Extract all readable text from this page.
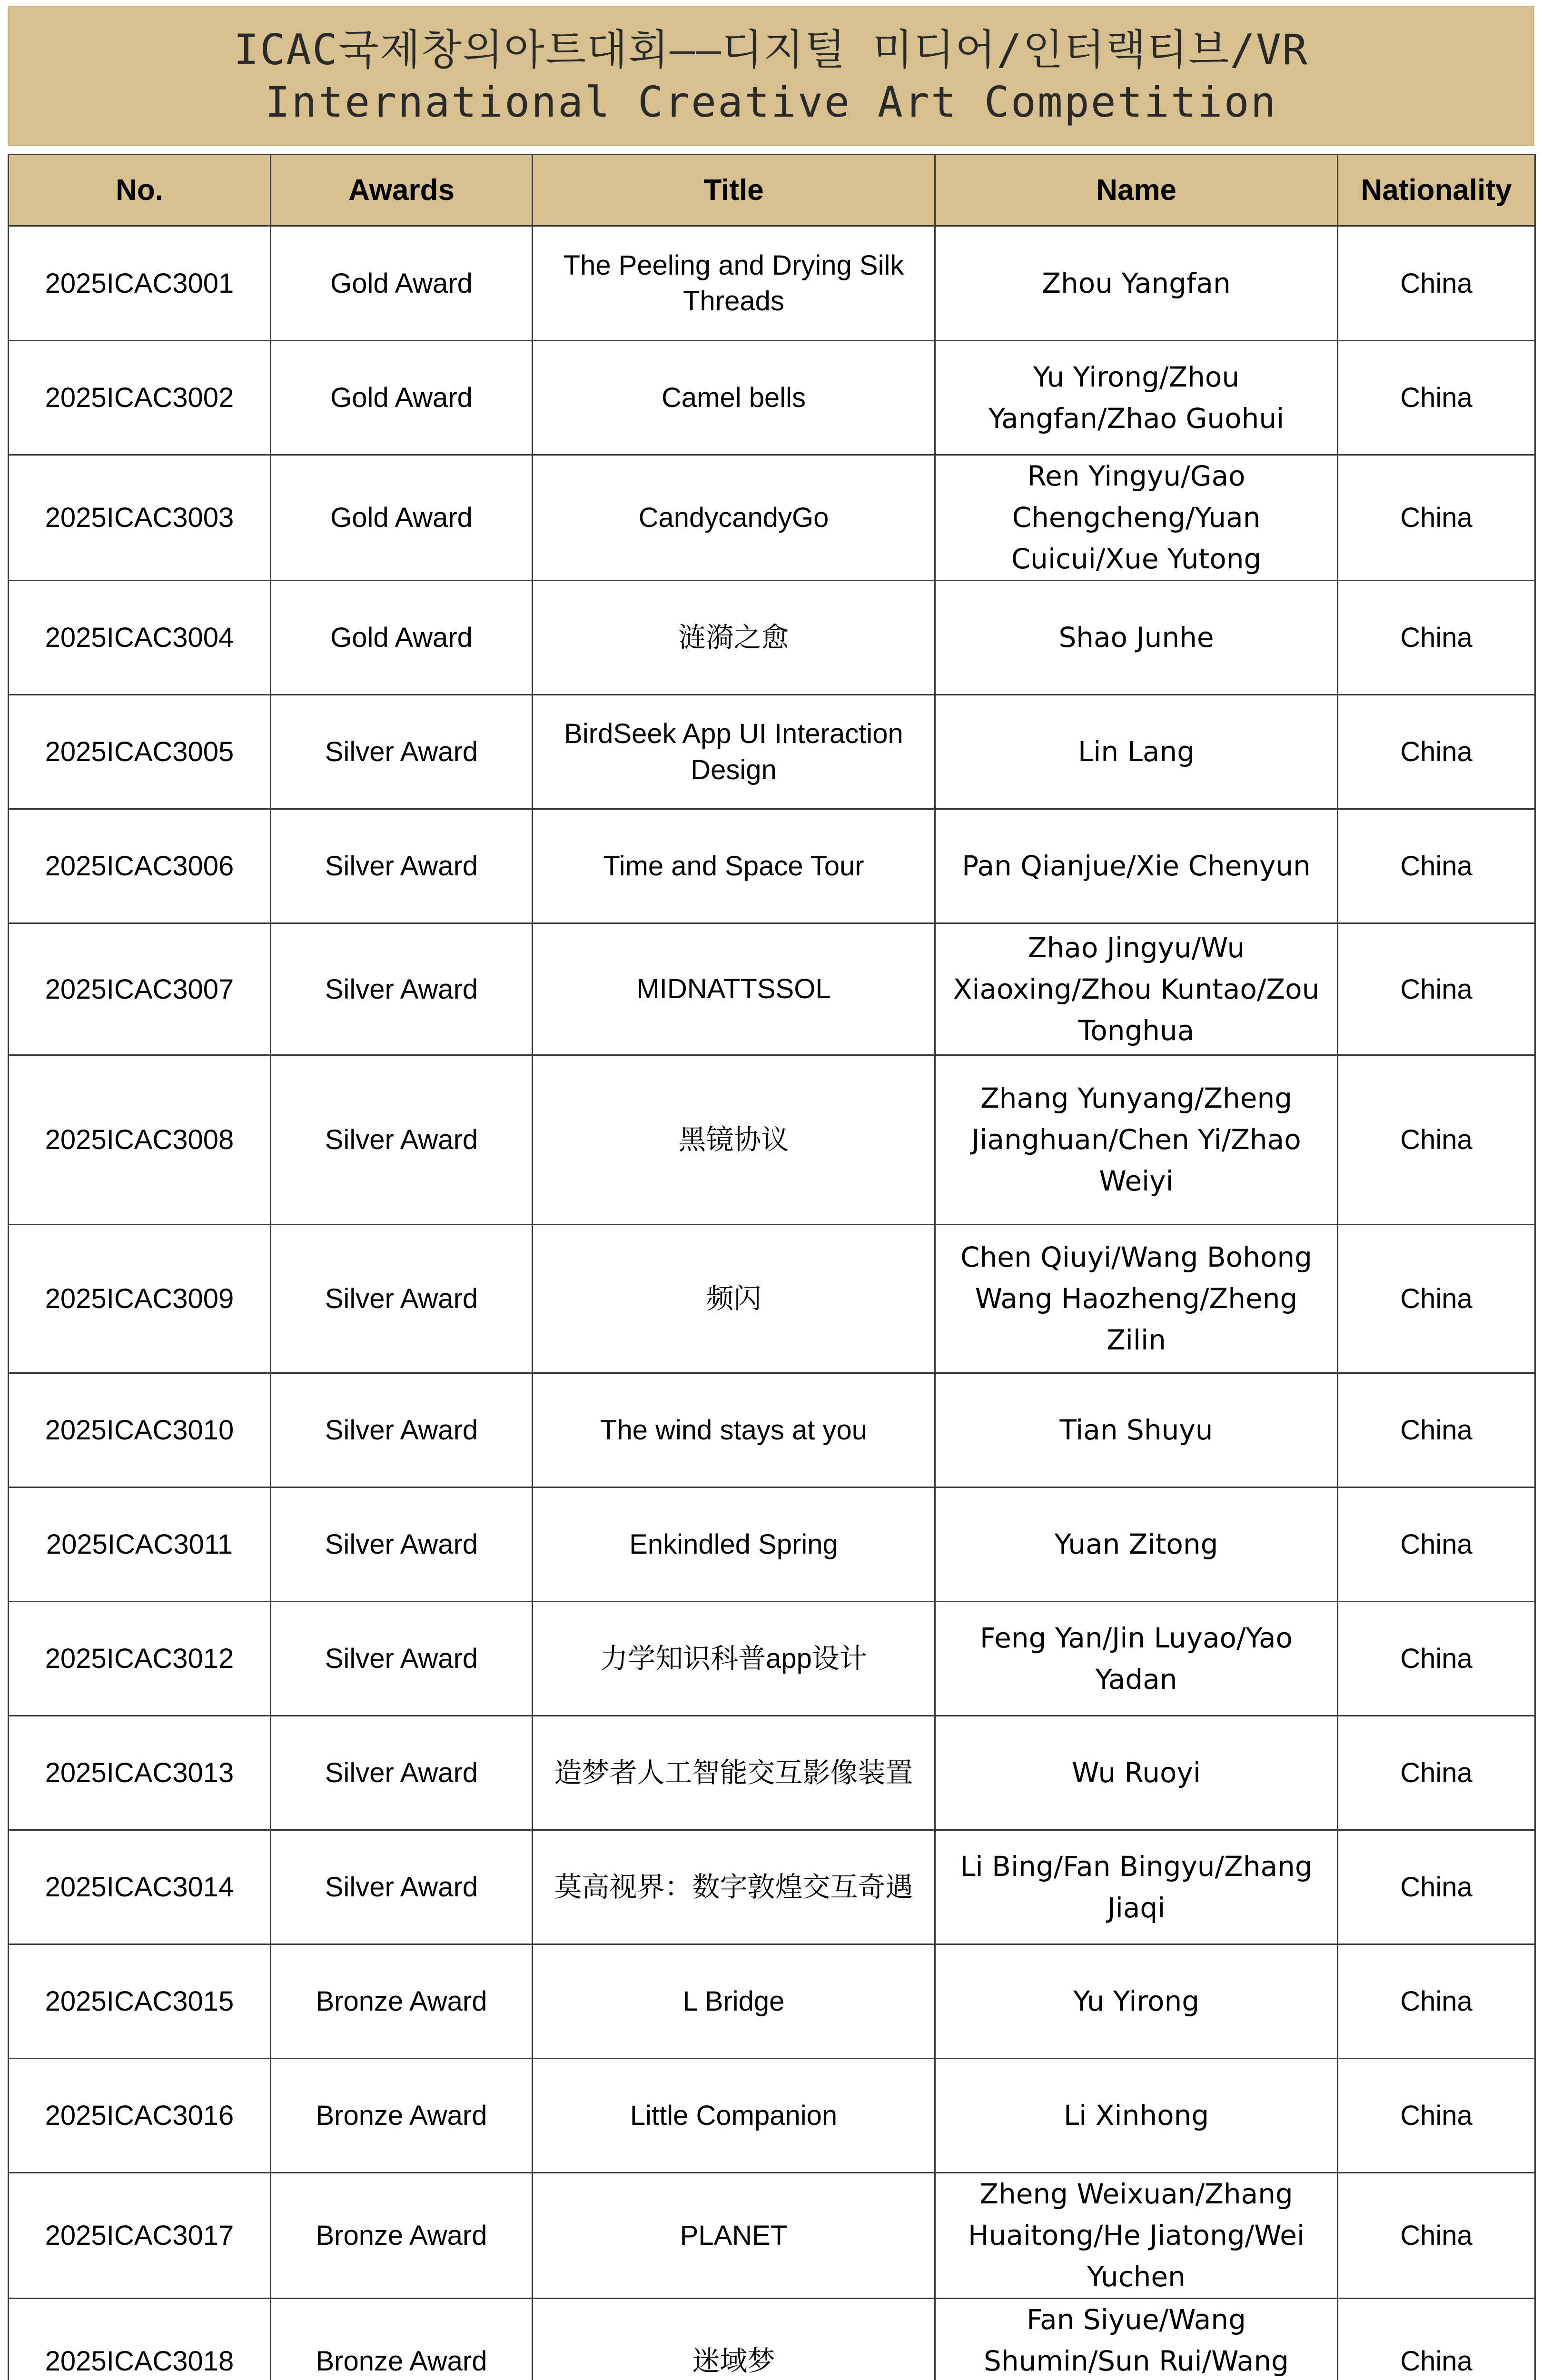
ICAC국제창의아트대회——디지털 미디어/인터랙티브/VR
International Creative Art Competition
No.	Awards	Title	Name	Nationality
2025ICAC3001	Gold Award	The Peeling and Drying Silk Threads	Zhou Yangfan	China
2025ICAC3002	Gold Award	Camel bells	Yu Yirong/Zhou Yangfan/Zhao Guohui	China
2025ICAC3003	Gold Award	CandycandyGo	Ren Yingyu/Gao Chengcheng/Yuan Cuicui/Xue Yutong	China
2025ICAC3004	Gold Award	涟漪之愈	Shao Junhe	China
2025ICAC3005	Silver Award	BirdSeek App UI Interaction Design	Lin Lang	China
2025ICAC3006	Silver Award	Time and Space Tour	Pan Qianjue/Xie Chenyun	China
2025ICAC3007	Silver Award	MIDNATTSSOL	Zhao Jingyu/Wu Xiaoxing/Zhou Kuntao/Zou Tonghua	China
2025ICAC3008	Silver Award	黑镜协议	Zhang Yunyang/Zheng Jianghuan/Chen Yi/Zhao Weiyi	China
2025ICAC3009	Silver Award	频闪	Chen Qiuyi/Wang Bohong Wang Haozheng/Zheng Zilin	China
2025ICAC3010	Silver Award	The wind stays at you	Tian Shuyu	China
2025ICAC3011	Silver Award	Enkindled Spring	Yuan Zitong	China
2025ICAC3012	Silver Award	力学知识科普app设计	Feng Yan/Jin Luyao/Yao Yadan	China
2025ICAC3013	Silver Award	造梦者人工智能交互影像装置	Wu Ruoyi	China
2025ICAC3014	Silver Award	莫高视界：数字敦煌交互奇遇	Li Bing/Fan Bingyu/Zhang Jiaqi	China
2025ICAC3015	Bronze Award	L Bridge	Yu Yirong	China
2025ICAC3016	Bronze Award	Little Companion	Li Xinhong	China
2025ICAC3017	Bronze Award	PLANET	Zheng Weixuan/Zhang Huaitong/He Jiatong/Wei Yuchen	China
2025ICAC3018	Bronze Award	迷域梦	Fan Siyue/Wang Shumin/Sun Rui/Wang	China
